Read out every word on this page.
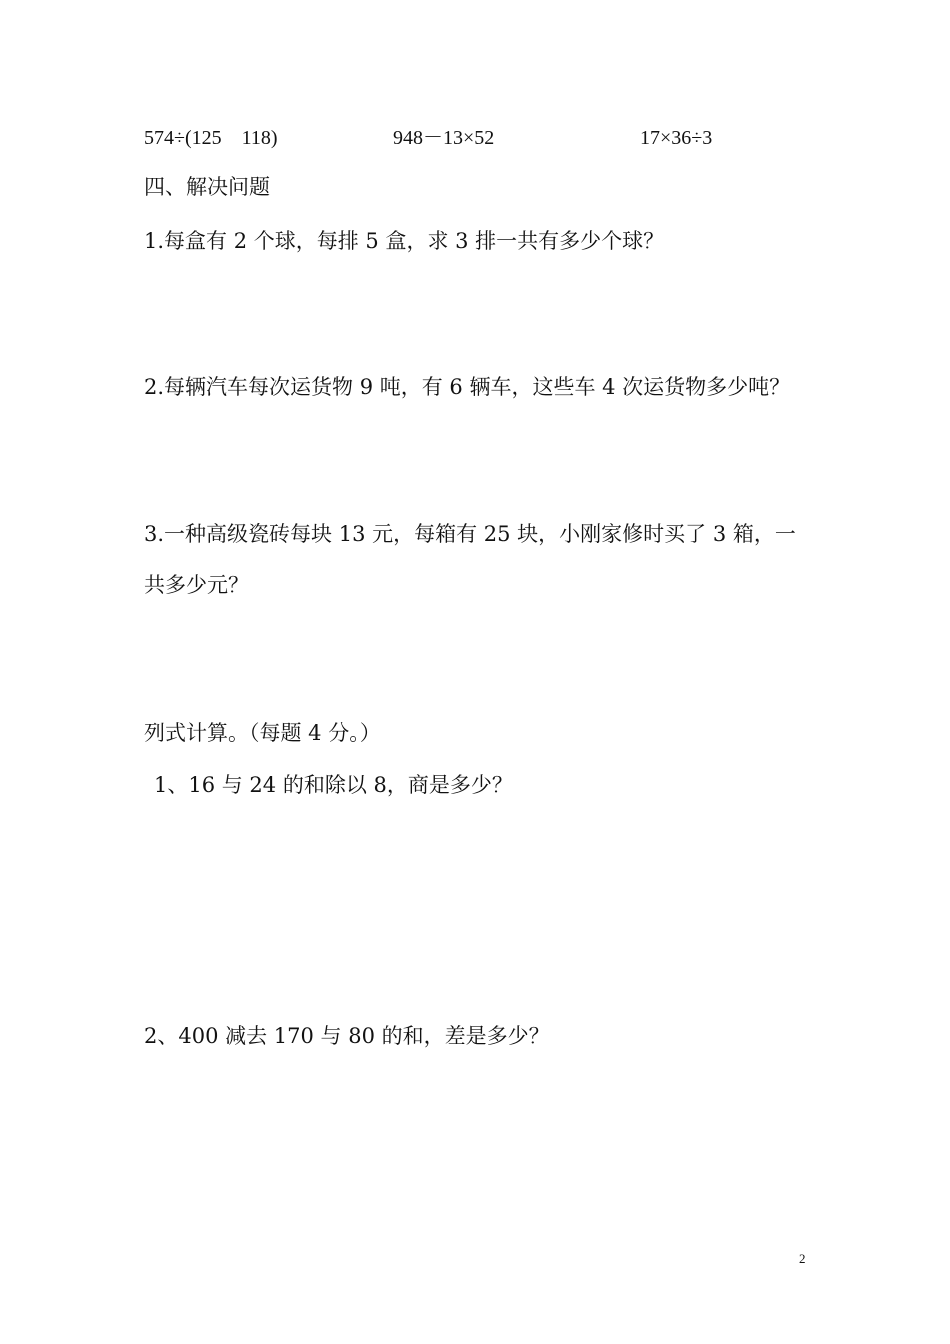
574÷(125　118)	948－13×52	17×36÷3
四、解决问题
1.每盒有 2 个球，每排 5 盒，求 3 排一共有多少个球？
2.每辆汽车每次运货物 9 吨，有 6 辆车，这些车 4 次运货物多少吨？
3.一种高级瓷砖每块 13 元，每箱有 25 块，小刚家修时买了 3 箱，一
共多少元？
列式计算。（每题 4 分。）
1、16 与 24 的和除以 8，商是多少？
2、400 减去 170 与 80 的和，差是多少？
2
